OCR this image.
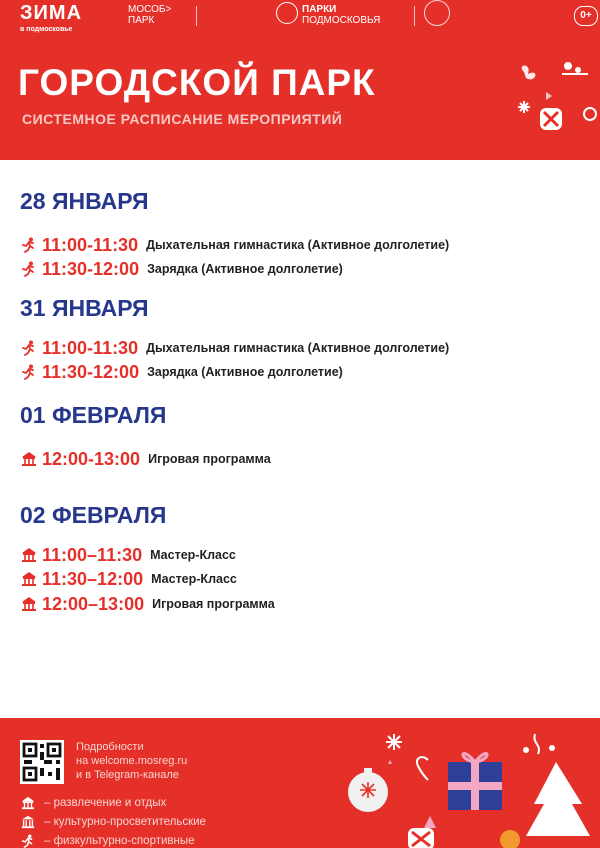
ЗИМА
в подмосковье
МОСОБ>
ПАРК
ПАРКИ
ПОДМОСКОВЬЯ	0+
ГОРОДСКОЙ ПАРК
СИСТЕМНОЕ РАСПИСАНИЕ МЕРОПРИЯТИЙ
28 ЯНВАРЯ
11:00-11:30 Дыхательная гимнастика (Активное долголетие)
11:30-12:00 Зарядка (Активное долголетие)
31 ЯНВАРЯ
11:00-11:30 Дыхательная гимнастика (Активное долголетие)
11:30-12:00 Зарядка (Активное долголетие)
01 ФЕВРАЛЯ
12:00-13:00 Игровая программа
02 ФЕВРАЛЯ
11:00–11:30 Мастер-Класс
11:30–12:00 Мастер-Класс
12:00–13:00 Игровая программа
Подробности
на welcome.mosreg.ru
и в Telegram-канале
– развлечение и отдых
– культурно-просветительские
– физкультурно-спортивные
